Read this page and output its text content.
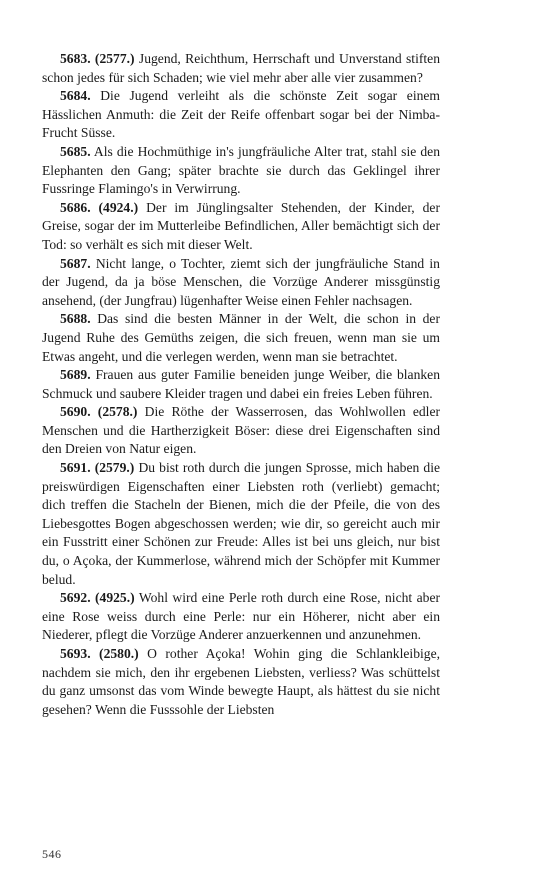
5683. (2577.) Jugend, Reichthum, Herrschaft und Unverstand stiften schon jedes für sich Schaden; wie viel mehr aber alle vier zusammen?

5684. Die Jugend verleiht als die schönste Zeit sogar einem Hässlichen Anmuth: die Zeit der Reife offenbart sogar bei der Nimba-Frucht Süsse.

5685. Als die Hochmüthige in's jungfräuliche Alter trat, stahl sie den Elephanten den Gang; später brachte sie durch das Geklingel ihrer Fussringe Flamingo's in Verwirrung.

5686. (4924.) Der im Jünglingsalter Stehenden, der Kinder, der Greise, sogar der im Mutterleibe Befindlichen, Aller bemächtigt sich der Tod: so verhält es sich mit dieser Welt.

5687. Nicht lange, o Tochter, ziemt sich der jungfräuliche Stand in der Jugend, da ja böse Menschen, die Vorzüge Anderer missgünstig ansehend, (der Jungfrau) lügenhafter Weise einen Fehler nachsagen.

5688. Das sind die besten Männer in der Welt, die schon in der Jugend Ruhe des Gemüths zeigen, die sich freuen, wenn man sie um Etwas angeht, und die verlegen werden, wenn man sie betrachtet.

5689. Frauen aus guter Familie beneiden junge Weiber, die blanken Schmuck und saubere Kleider tragen und dabei ein freies Leben führen.

5690. (2578.) Die Röthe der Wasserrosen, das Wohlwollen edler Menschen und die Hartherzigkeit Böser: diese drei Eigenschaften sind den Dreien von Natur eigen.

5691. (2579.) Du bist roth durch die jungen Sprosse, mich haben die preiswürdigen Eigenschaften einer Liebsten roth (verliebt) gemacht; dich treffen die Stacheln der Bienen, mich die der Pfeile, die von des Liebesgottes Bogen abgeschossen werden; wie dir, so gereicht auch mir ein Fusstritt einer Schönen zur Freude: Alles ist bei uns gleich, nur bist du, o Açoka, der Kummerlose, während mich der Schöpfer mit Kummer belud.

5692. (4925.) Wohl wird eine Perle roth durch eine Rose, nicht aber eine Rose weiss durch eine Perle: nur ein Höherer, nicht aber ein Niederer, pflegt die Vorzüge Anderer anzuerkennen und anzunehmen.

5693. (2580.) O rother Açoka! Wohin ging die Schlankleibige, nachdem sie mich, den ihr ergebenen Liebsten, verliess? Was schüttelst du ganz umsonst das vom Winde bewegte Haupt, als hättest du sie nicht gesehen? Wenn die Fusssohle der Liebsten

546
